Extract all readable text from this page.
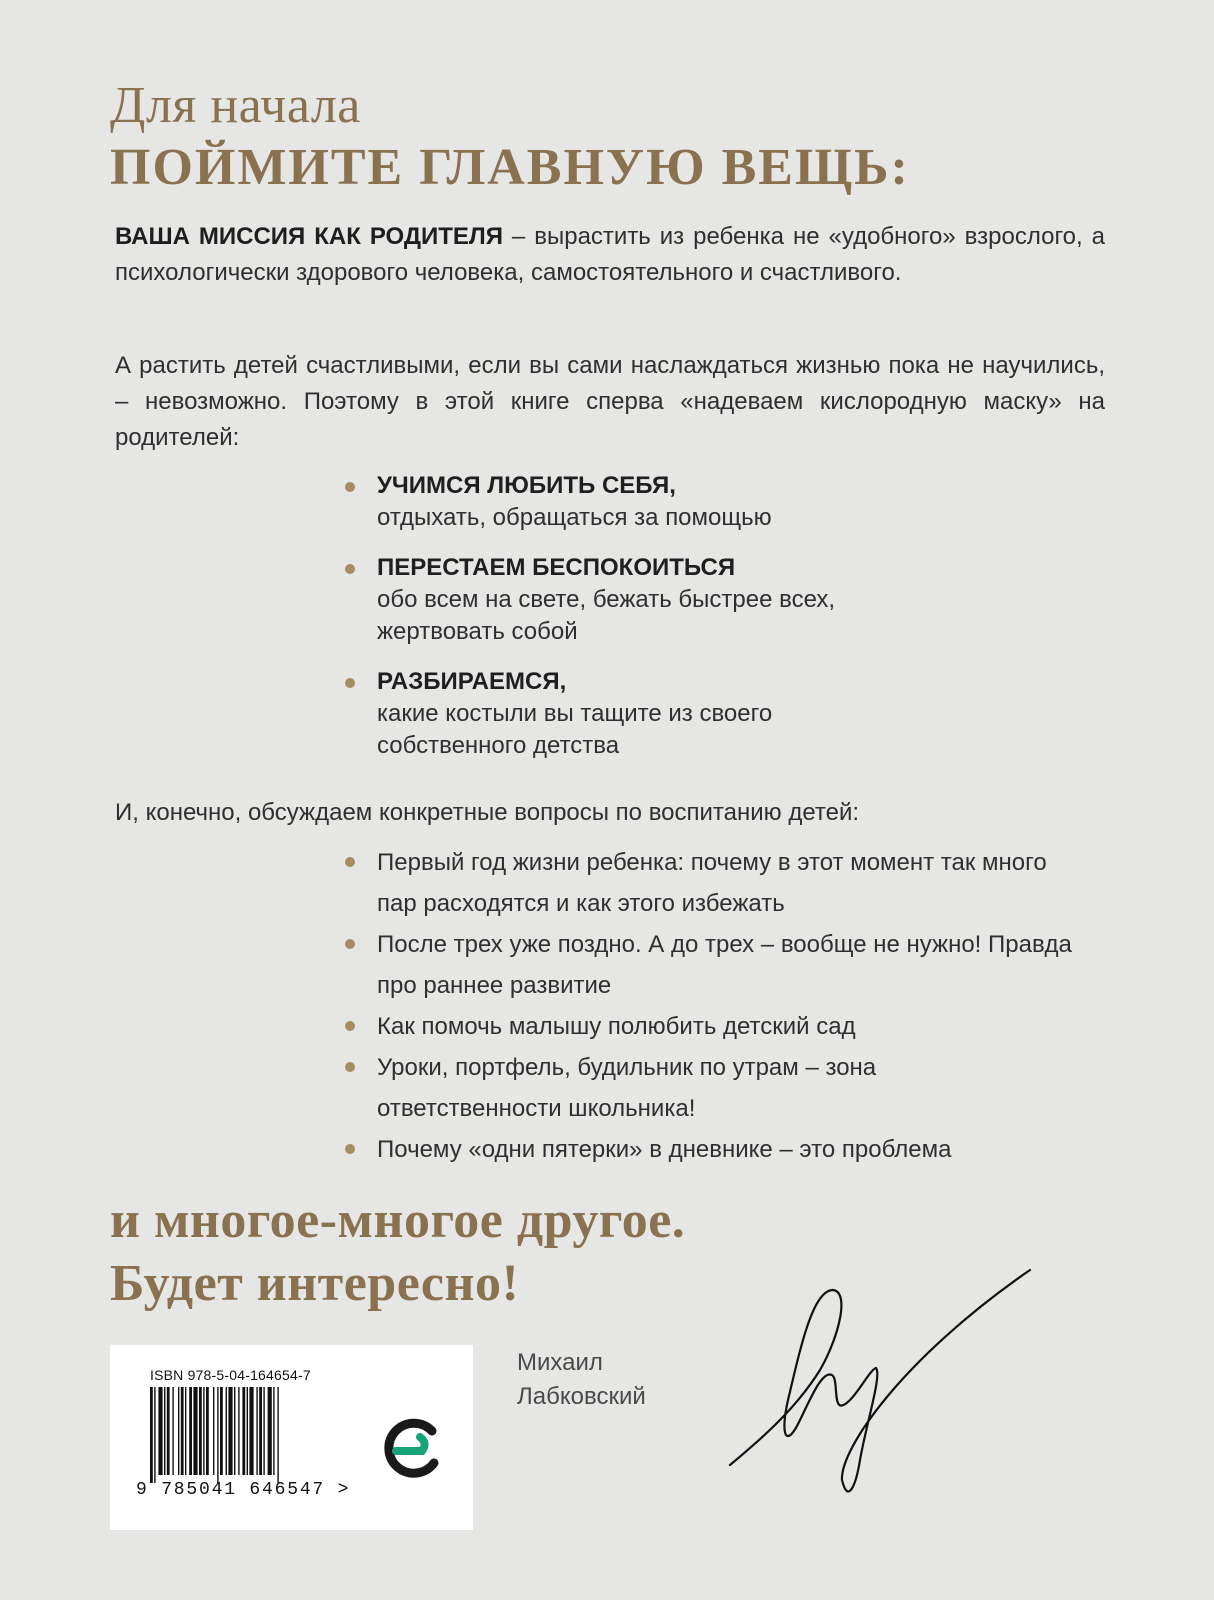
Для начала
ПОЙМИТЕ ГЛАВНУЮ ВЕЩЬ:
ВАША МИССИЯ КАК РОДИТЕЛЯ – вырастить из ребенка не «удобного» взрослого, а психологически здорового человека, самостоятельного и счастливого.
А растить детей счастливыми, если вы сами наслаждаться жизнью пока не научились, – невозможно. Поэтому в этой книге сперва «надеваем кислородную маску» на родителей:
УЧИМСЯ ЛЮБИТЬ СЕБЯ,
отдыхать, обращаться за помощью
ПЕРЕСТАЕМ БЕСПОКОИТЬСЯ
обо всем на свете, бежать быстрее всех, жертвовать собой
РАЗБИРАЕМСЯ,
какие костыли вы тащите из своего собственного детства
И, конечно, обсуждаем конкретные вопросы по воспитанию детей:
Первый год жизни ребенка: почему в этот момент так много пар расходятся и как этого избежать
После трех уже поздно. А до трех – вообще не нужно! Правда про раннее развитие
Как помочь малышу полюбить детский сад
Уроки, портфель, будильник по утрам – зона ответственности школьника!
Почему «одни пятерки» в дневнике – это проблема
и многое-многое другое.
Будет интересно!
ISBN 978-5-04-164654-7
9 785041 646547 >
Михаил
Лабковский
